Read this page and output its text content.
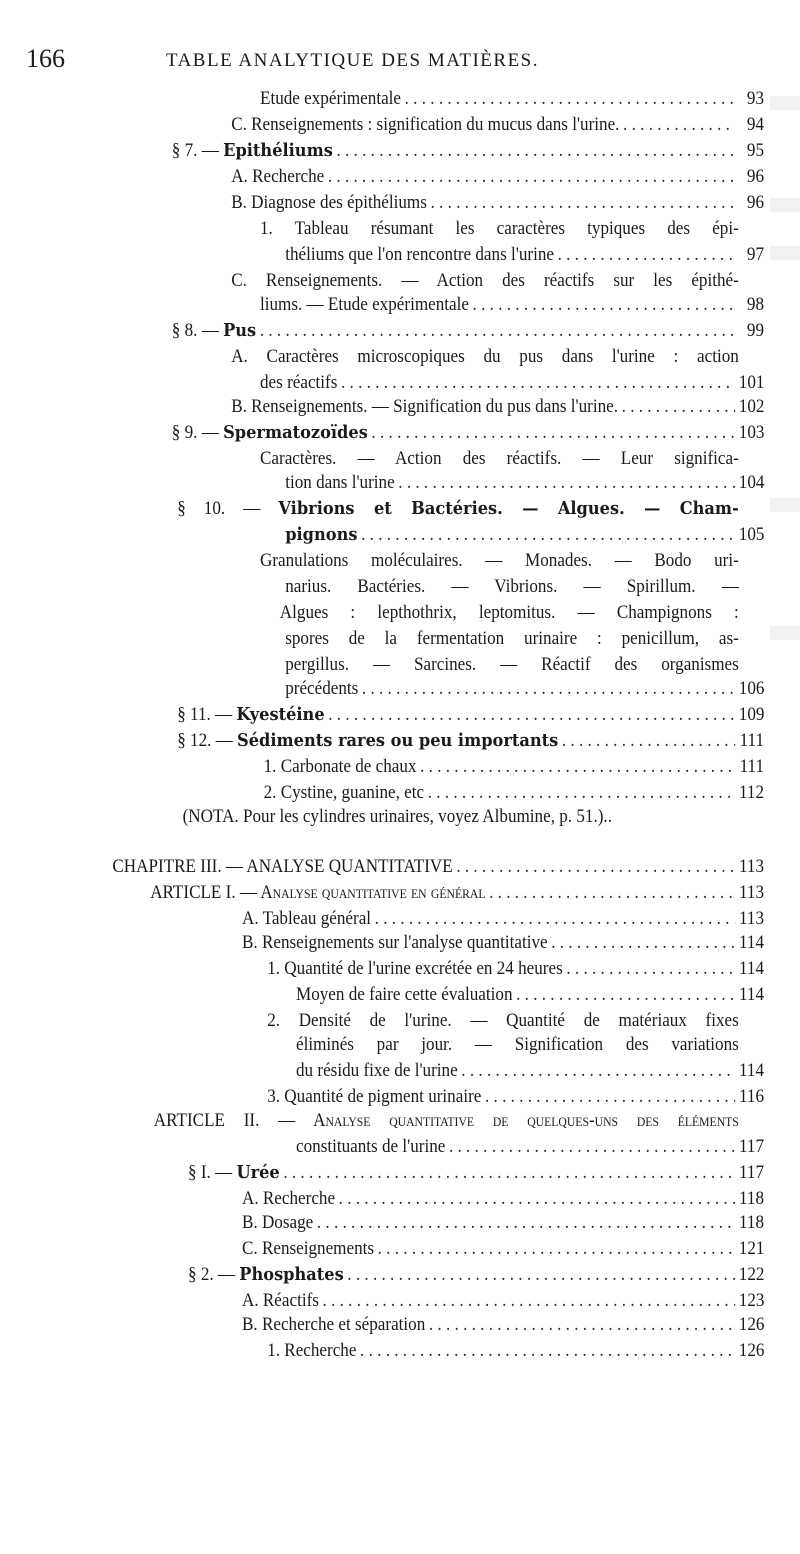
166	TABLE ANALYTIQUE DES MATIÈRES.
Etude expérimentale . . .	93
C. Renseignements : signification du mucus dans l'urine. . . .	94
§ 7. — Epithéliums . . .	95
A. Recherche . . .	96
B. Diagnose des épithéliums . . .	96
1. Tableau résumant les caractères typiques des épi-
théliums que l'on rencontre dans l'urine . . .	97
C. Renseignements. — Action des réactifs sur les épithé-
liums. — Etude expérimentale . . .	98
§ 8. — Pus . . .	99
A. Caractères microscopiques du pus dans l'urine : action
des réactifs . . .	101
B. Renseignements. — Signification du pus dans l'urine. . . .	102
§ 9. — Spermatozoïdes . . .	103
Caractères. — Action des réactifs. — Leur significa-
tion dans l'urine . . .	104
§ 10. — Vibrions et Bactéries. — Algues. — Cham-
pignons . . .	105
Granulations moléculaires. — Monades. — Bodo uri-
narius. Bactéries. — Vibrions. — Spirillum. —
Algues : lepthothrix, leptomitus. — Champignons :
spores de la fermentation urinaire : penicillum, as-
pergillus. — Sarcines. — Réactif des organismes
précédents . . .	106
§ 11. — Kyestéine . . .	109
§ 12. — Sédiments rares ou peu importants . . .	111
1. Carbonate de chaux . . .	111
2. Cystine, guanine, etc . . .	112
(NOTA. Pour les cylindres urinaires, voyez Albumine, p. 51.)..
CHAPITRE III. — ANALYSE QUANTITATIVE . . .	113
ARTICLE I. — Analyse quantitative en général . . .	113
A. Tableau général . . .	113
B. Renseignements sur l'analyse quantitative . . .	114
1. Quantité de l'urine excrétée en 24 heures . . .	114
Moyen de faire cette évaluation . . .	114
2. Densité de l'urine. — Quantité de matériaux fixes
éliminés par jour. — Signification des variations
du résidu fixe de l'urine . . .	114
3. Quantité de pigment urinaire . . .	116
ARTICLE II. — Analyse quantitative de quelques-uns des éléments
constituants de l'urine . . .	117
§ I. — Urée . . .	117
A. Recherche . . .	118
B. Dosage . . .	118
C. Renseignements . . .	121
§ 2. — Phosphates . . .	122
A. Réactifs . . .	123
B. Recherche et séparation . . .	126
1. Recherche . . .	126
